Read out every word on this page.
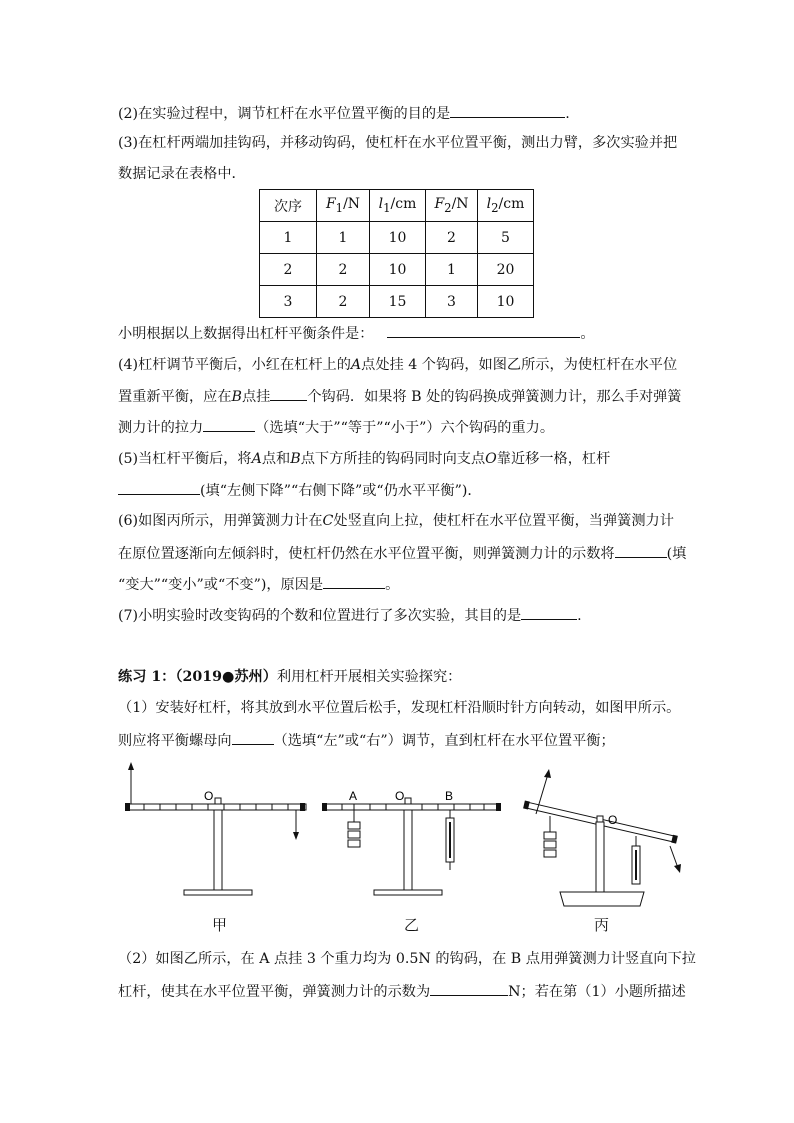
(2)在实验过程中，调节杠杆在水平位置平衡的目的是	.
(3)在杠杆两端加挂钩码，并移动钩码，使杠杆在水平位置平衡，测出力臂，多次实验并把
数据记录在表格中．
次序	$F_1/N$	$l_1/cm$	$F_2/N$	$l_2/cm$
1	1	10	2	5
2	2	10	1	20
3	2	15	3	10
小明根据以上数据得出杠杆平衡条件是：	。
(4)杠杆调节平衡后，小红在杠杆上的A点处挂 4 个钩码，如图乙所示，为使杠杆在水平位
置重新平衡，应在B点挂	个钩码．如果将 B 处的钩码换成弹簧测力计，那么手对弹簧
测力计的拉力	（选填“大于”“等于”“小于”）六个钩码的重力。
(5)当杠杆平衡后，将A点和B点下方所挂的钩码同时向支点O靠近移一格，杠杆
(填“左侧下降”“右侧下降”或“仍水平平衡”)．
(6)如图丙所示，用弹簧测力计在C处竖直向上拉，使杠杆在水平位置平衡，当弹簧测力计
在原位置逐渐向左倾斜时，使杠杆仍然在水平位置平衡，则弹簧测力计的示数将	(填
“变大”“变小”或“不变”)，原因是	。
(7)小明实验时改变钩码的个数和位置进行了多次实验，其目的是	.
练习 1：（2019●苏州）利用杠杆开展相关实验探究：
（1）安装好杠杆，将其放到水平位置后松手，发现杠杆沿顺时针方向转动，如图甲所示。
则应将平衡螺母向	（选填“左”或“右”）调节，直到杠杆在水平位置平衡；
O
甲
O
A	B
乙
O
丙
（2）如图乙所示，在 A 点挂 3 个重力均为 0.5N 的钩码，在 B 点用弹簧测力计竖直向下拉
杠杆，使其在水平位置平衡，弹簧测力计的示数为	N；若在第（1）小题所描述
